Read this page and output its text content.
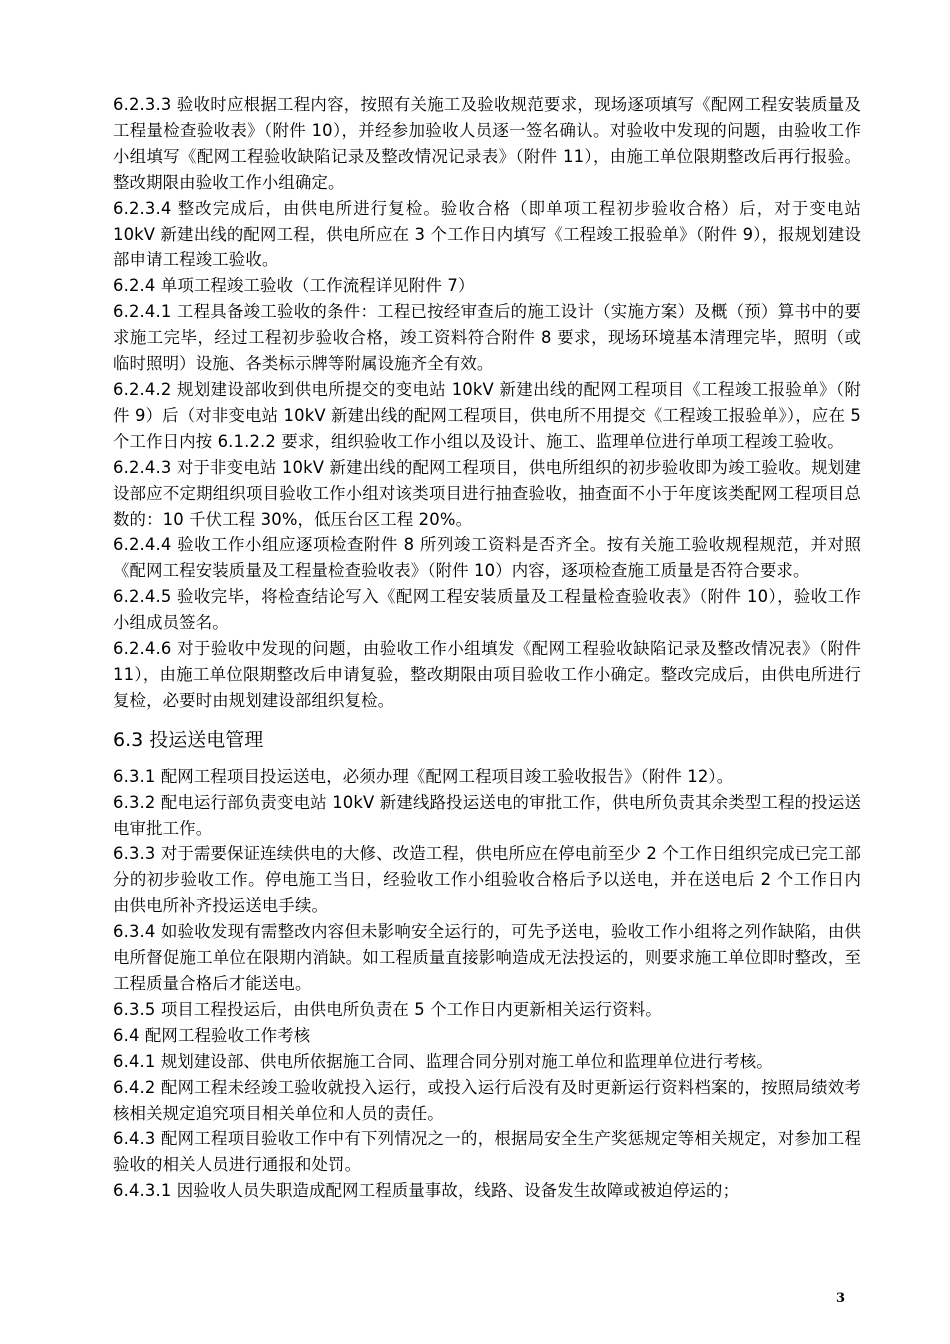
6.2.3.3 验收时应根据工程内容，按照有关施工及验收规范要求，现场逐项填写《配网工程安装质量及工程量检查验收表》（附件 10），并经参加验收人员逐一签名确认。对验收中发现的问题，由验收工作小组填写《配网工程验收缺陷记录及整改情况记录表》（附件 11），由施工单位限期整改后再行报验。整改期限由验收工作小组确定。

6.2.3.4 整改完成后，由供电所进行复检。验收合格（即单项工程初步验收合格）后，对于变电站 10kV 新建出线的配网工程，供电所应在 3 个工作日内填写《工程竣工报验单》（附件 9），报规划建设部申请工程竣工验收。

6.2.4 单项工程竣工验收（工作流程详见附件 7）

6.2.4.1 工程具备竣工验收的条件：工程已按经审查后的施工设计（实施方案）及概（预）算书中的要求施工完毕，经过工程初步验收合格，竣工资料符合附件 8 要求，现场环境基本清理完毕，照明（或临时照明）设施、各类标示牌等附属设施齐全有效。

6.2.4.2 规划建设部收到供电所提交的变电站 10kV 新建出线的配网工程项目《工程竣工报验单》（附件 9）后（对非变电站 10kV 新建出线的配网工程项目，供电所不用提交《工程竣工报验单》），应在 5 个工作日内按 6.1.2.2 要求，组织验收工作小组以及设计、施工、监理单位进行单项工程竣工验收。

6.2.4.3 对于非变电站 10kV 新建出线的配网工程项目，供电所组织的初步验收即为竣工验收。规划建设部应不定期组织项目验收工作小组对该类项目进行抽查验收，抽查面不小于年度该类配网工程项目总数的：10 千伏工程 30%，低压台区工程 20%。

6.2.4.4 验收工作小组应逐项检查附件 8 所列竣工资料是否齐全。按有关施工验收规程规范，并对照《配网工程安装质量及工程量检查验收表》（附件 10）内容，逐项检查施工质量是否符合要求。

6.2.4.5 验收完毕，将检查结论写入《配网工程安装质量及工程量检查验收表》（附件 10），验收工作小组成员签名。

6.2.4.6 对于验收中发现的问题，由验收工作小组填发《配网工程验收缺陷记录及整改情况表》（附件 11），由施工单位限期整改后申请复验，整改期限由项目验收工作小确定。整改完成后，由供电所进行复检，必要时由规划建设部组织复检。

6.3 投运送电管理

6.3.1 配网工程项目投运送电，必须办理《配网工程项目竣工验收报告》（附件 12）。

6.3.2 配电运行部负责变电站 10kV 新建线路投运送电的审批工作，供电所负责其余类型工程的投运送电审批工作。

6.3.3 对于需要保证连续供电的大修、改造工程，供电所应在停电前至少 2 个工作日组织完成已完工部分的初步验收工作。停电施工当日，经验收工作小组验收合格后予以送电，并在送电后 2 个工作日内由供电所补齐投运送电手续。

6.3.4 如验收发现有需整改内容但未影响安全运行的，可先予送电，验收工作小组将之列作缺陷，由供电所督促施工单位在限期内消缺。如工程质量直接影响造成无法投运的，则要求施工单位即时整改，至工程质量合格后才能送电。

6.3.5 项目工程投运后，由供电所负责在 5 个工作日内更新相关运行资料。

6.4 配网工程验收工作考核

6.4.1 规划建设部、供电所依据施工合同、监理合同分别对施工单位和监理单位进行考核。

6.4.2 配网工程未经竣工验收就投入运行，或投入运行后没有及时更新运行资料档案的，按照局绩效考核相关规定追究项目相关单位和人员的责任。

6.4.3 配网工程项目验收工作中有下列情况之一的，根据局安全生产奖惩规定等相关规定，对参加工程验收的相关人员进行通报和处罚。

6.4.3.1 因验收人员失职造成配网工程质量事故，线路、设备发生故障或被迫停运的；

3
